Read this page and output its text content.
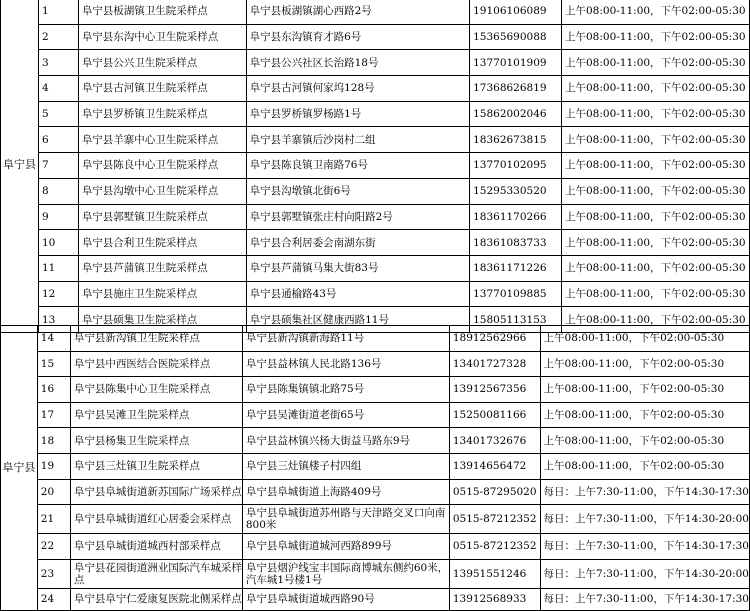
阜宁县	1	阜宁县板湖镇卫生院采样点	阜宁县板湖镇湖心西路2号	19106106089	上午08:00-11:00，下午02:00-05:30
	2	阜宁县东沟中心卫生院采样点	阜宁县东沟镇育才路6号	15365690088	上午08:00-11:00，下午02:00-05:30
	3	阜宁县公兴卫生院采样点	阜宁县公兴社区长治路18号	13770101909	上午08:00-11:00，下午02:00-05:30
	4	阜宁县古河镇卫生院采样点	阜宁县古河镇何家坞128号	17368626819	上午08:00-11:00，下午02:00-05:30
	5	阜宁县罗桥镇卫生院采样点	阜宁县罗桥镇罗杨路1号	15862002046	上午08:00-11:00，下午02:00-05:30
	6	阜宁县羊寨中心卫生院采样点	阜宁县羊寨镇后沙岗村二组	18362673815	上午08:00-11:00，下午02:00-05:30
	7	阜宁县陈良中心卫生院采样点	阜宁县陈良镇卫南路76号	13770102095	上午08:00-11:00，下午02:00-05:30
	8	阜宁县沟墩中心卫生院采样点	阜宁县沟墩镇北街6号	15295330520	上午08:00-11:00，下午02:00-05:30
	9	阜宁县郭墅镇卫生院采样点	阜宁县郭墅镇张庄村向阳路2号	18361170266	上午08:00-11:00，下午02:00-05:30
	10	阜宁县合利卫生院采样点	阜宁县合利居委会南湖东街	18361083733	上午08:00-11:00，下午02:00-05:30
	11	阜宁县芦蒲镇卫生院采样点	阜宁县芦蒲镇马集大街83号	18361171226	上午08:00-11:00，下午02:00-05:30
	12	阜宁县施庄卫生院采样点	阜宁县通榆路43号	13770109885	上午08:00-11:00，下午02:00-05:30
	13	阜宁县硕集卫生院采样点	阜宁县硕集社区健康西路11号	15805113153	上午08:00-11:00，下午02:00-05:30
阜宁县	14	阜宁县新沟镇卫生院采样点	阜宁县新沟镇新海路11号	18912562966	上午08:00-11:00，下午02:00-05:30
	15	阜宁县中西医结合医院采样点	阜宁县益林镇人民北路136号	13401727328	上午08:00-11:00，下午02:00-05:30
	16	阜宁县陈集中心卫生院采样点	阜宁县陈集镇镇北路75号	13912567356	上午08:00-11:00，下午02:00-05:30
	17	阜宁县吴滩卫生院采样点	阜宁县吴滩街道老街65号	15250081166	上午08:00-11:00，下午02:00-05:30
	18	阜宁县杨集卫生院采样点	阜宁县益林镇兴杨大街益马路东9号	13401732676	上午08:00-11:00，下午02:00-05:30
	19	阜宁县三灶镇卫生院采样点	阜宁县三灶镇楼子村四组	13914656472	上午08:00-11:00，下午02:00-05:30
	20	阜宁县阜城街道新苏国际广场采样点	阜宁县阜城街道上海路409号	0515-87295020	每日：上午7:30-11:00，下午14:30-17:30
	21	阜宁县阜城街道红心居委会采样点	阜宁县阜城街道苏州路与天津路交叉口向南800米	0515-87212352	每日：上午7:30-11:00，下午14:30-20:00
	22	阜宁县阜城街道城西村部采样点	阜宁县阜城街道城河西路899号	0515-87212352	每日：上午7:30-11:00，下午14:30-17:30
	23	阜宁县花园街道洲业国际汽车城采样点	阜宁县烟沪线宝丰国际商博城东侧约60米，汽车城1号楼1号	13951551246	每日：上午7:30-11:00，下午14:30-20:00
	24	阜宁县阜宁仁爱康复医院北侧采样点	阜宁县阜城街道城西路90号	13912568933	每日：上午7:30-11:00，下午14:30-17:30
